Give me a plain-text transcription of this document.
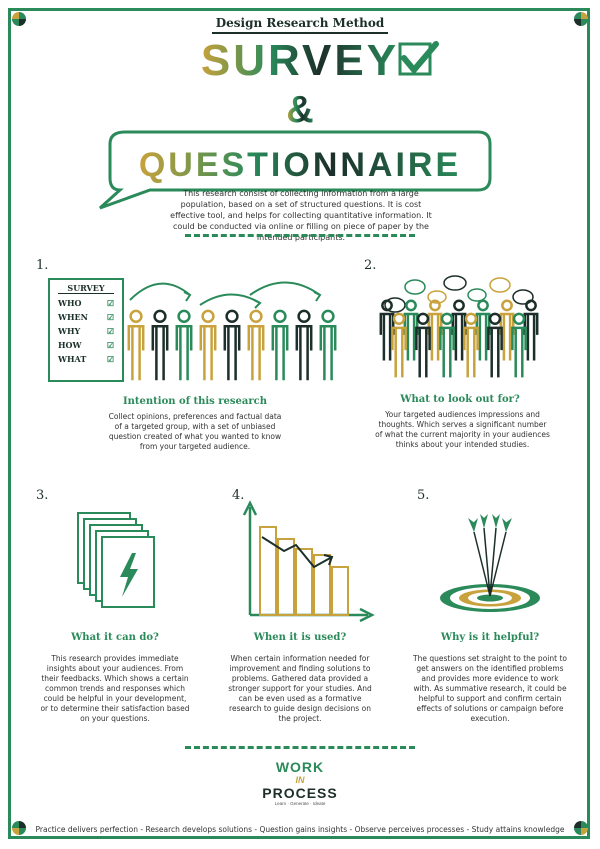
Design Research Method
SURVEY
&
QUESTIONNAIRE
This research consist of collecting information from a large population, based on a set of structured questions. It is cost effective tool, and helps for collecting quantitative information. It could be conducted via online or filling on piece of paper by the intended participants.
1.
SURVEY
WHO	☑
WHEN ☑
WHY	☑
HOW	☑
WHAT	☑
Intention of this research
Collect opinions, preferences and factual data of a targeted group, with a set of unbiased question created of what you wanted to know from your targeted audience.
2.
What to look out for?
Your targeted audiences impressions and thoughts. Which serves a significant number of what the current majority in your audiences thinks about your intended studies.
3.
What it can do?
This research provides immediate insights about your audiences. From their feedbacks. Which shows a certain common trends and responses which could be helpful in your development, or to determine their satisfaction based on your questions.
4.
When it is used?
When certain information needed for improvement and finding solutions to problems. Gathered data provided a stronger support for your studies. And can be even used as a formative research to guide design decisions on the project.
5.
Why is it helpful?
The questions set straight to the point to get answers on the identified problems and provides more evidence to work with. As summative research, it could be helpful to support and confirm certain effects of solutions or campaign before execution.
WORK
IN
PROCESS
Learn · Generate · Ideate
Practice delivers perfection - Research develops solutions - Question gains insights - Observe perceives processes - Study attains knowledge
